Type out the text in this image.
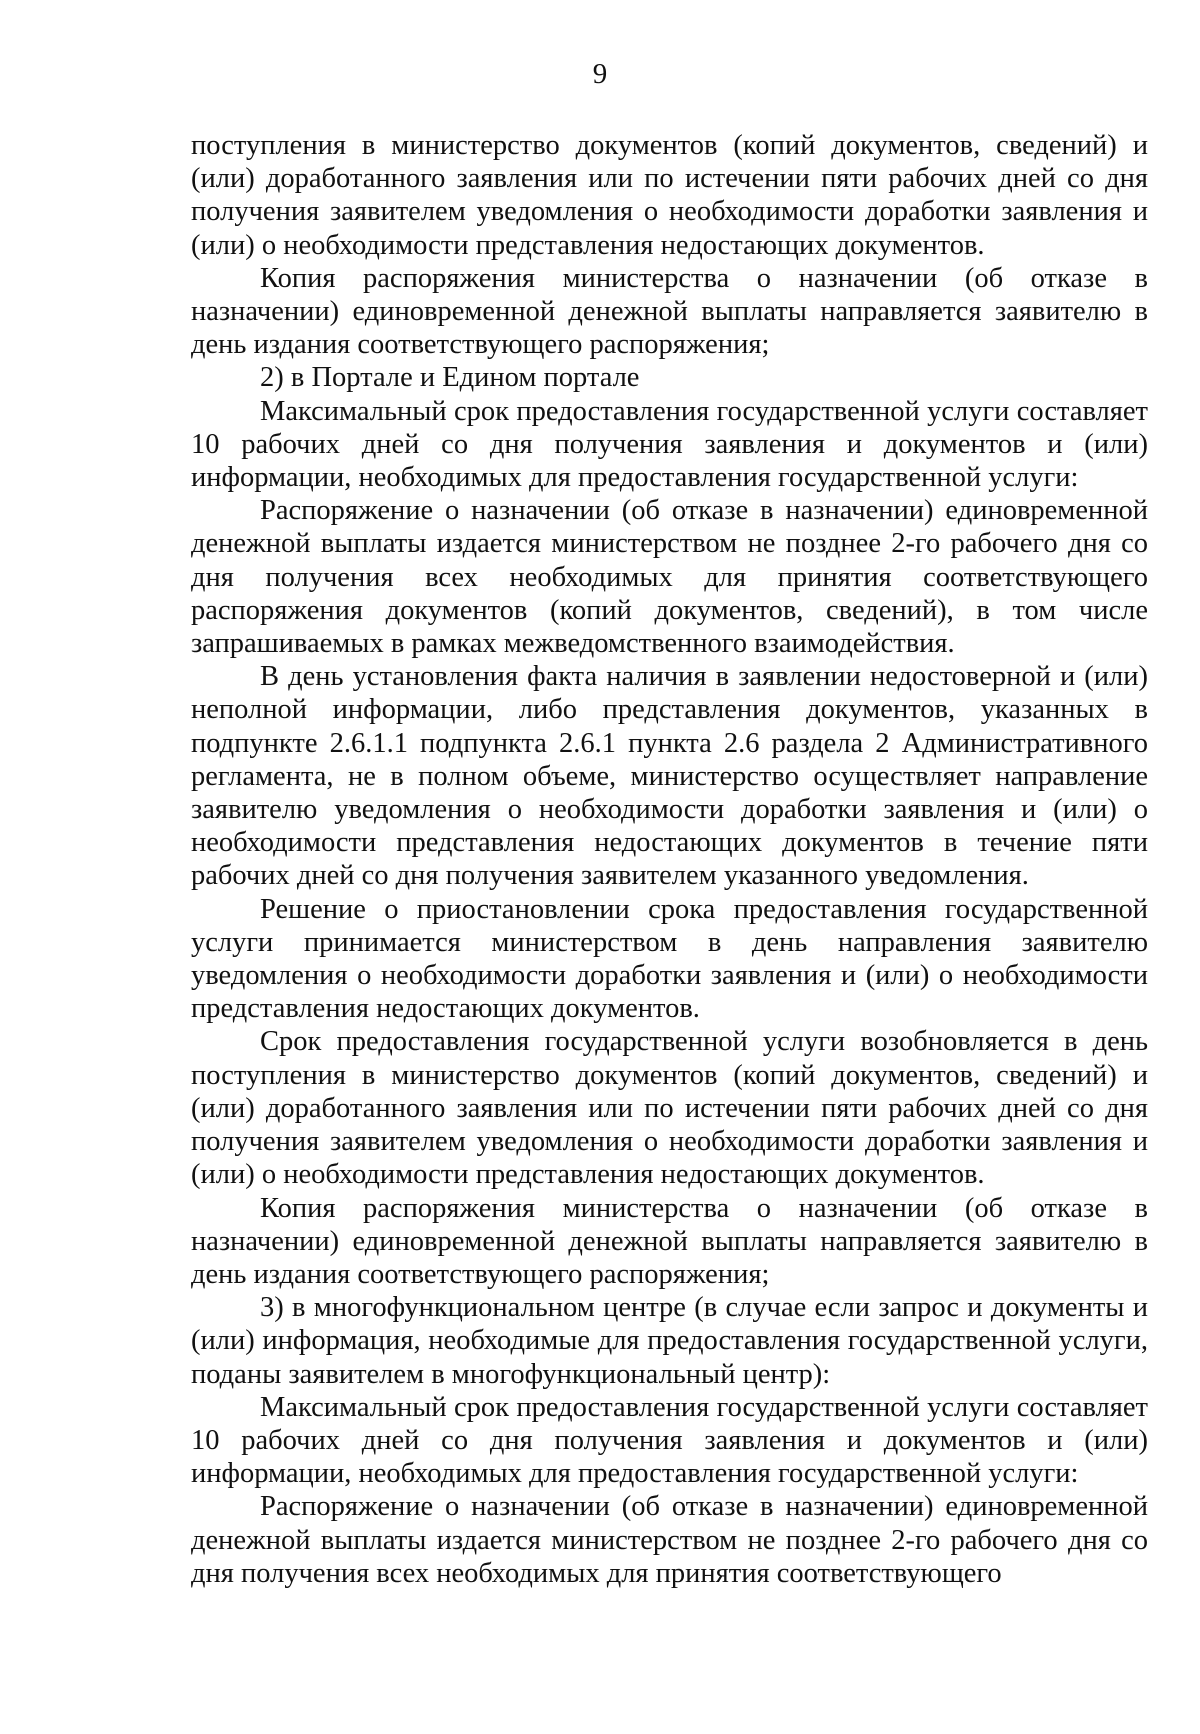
9

поступления в министерство документов (копий документов, сведений) и (или) доработанного заявления или по истечении пяти рабочих дней со дня получения заявителем уведомления о необходимости доработки заявления и (или) о необходимости представления недостающих документов.

Копия распоряжения министерства о назначении (об отказе в назначении) единовременной денежной выплаты направляется заявителю в день издания соответствующего распоряжения;

2) в Портале и Едином портале

Максимальный срок предоставления государственной услуги составляет 10 рабочих дней со дня получения заявления и документов и (или) информации, необходимых для предоставления государственной услуги:

Распоряжение о назначении (об отказе в назначении) единовременной денежной выплаты издается министерством не позднее 2-го рабочего дня со дня получения всех необходимых для принятия соответствующего распоряжения документов (копий документов, сведений), в том числе запрашиваемых в рамках межведомственного взаимодействия.

В день установления факта наличия в заявлении недостоверной и (или) неполной информации, либо представления документов, указанных в подпункте 2.6.1.1 подпункта 2.6.1 пункта 2.6 раздела 2 Административного регламента, не в полном объеме, министерство осуществляет направление заявителю уведомления о необходимости доработки заявления и (или) о необходимости представления недостающих документов в течение пяти рабочих дней со дня получения заявителем указанного уведомления.

Решение о приостановлении срока предоставления государственной услуги принимается министерством в день направления заявителю уведомления о необходимости доработки заявления и (или) о необходимости представления недостающих документов.

Срок предоставления государственной услуги возобновляется в день поступления в министерство документов (копий документов, сведений) и (или) доработанного заявления или по истечении пяти рабочих дней со дня получения заявителем уведомления о необходимости доработки заявления и (или) о необходимости представления недостающих документов.

Копия распоряжения министерства о назначении (об отказе в назначении) единовременной денежной выплаты направляется заявителю в день издания соответствующего распоряжения;

3) в многофункциональном центре (в случае если запрос и документы и (или) информация, необходимые для предоставления государственной услуги, поданы заявителем в многофункциональный центр):

Максимальный срок предоставления государственной услуги составляет 10 рабочих дней со дня получения заявления и документов и (или) информации, необходимых для предоставления государственной услуги:

Распоряжение о назначении (об отказе в назначении) единовременной денежной выплаты издается министерством не позднее 2-го рабочего дня со дня получения всех необходимых для принятия соответствующего
